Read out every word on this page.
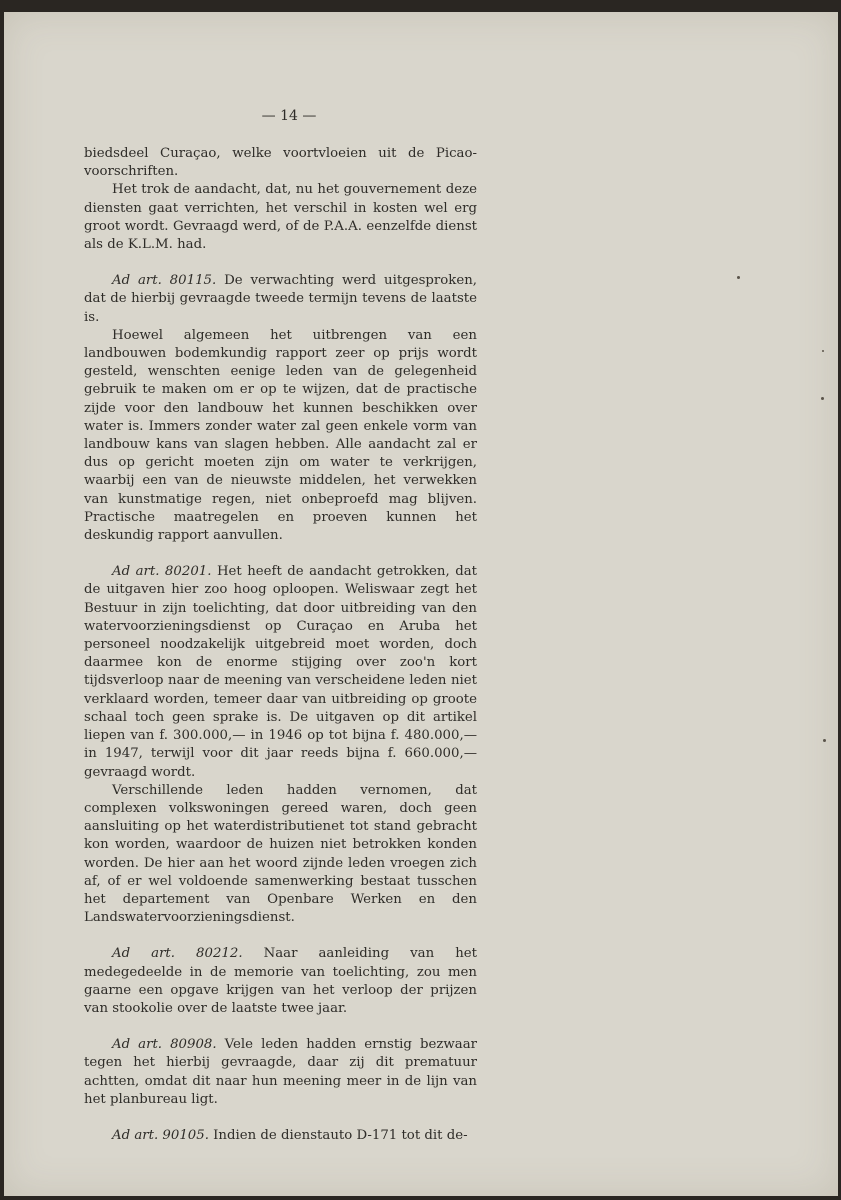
— 14 —

biedsdeel Curaçao, welke voortvloeien uit de Picao-voorschriften.

Het trok de aandacht, dat, nu het gouvernement deze diensten gaat verrichten, het verschil in kosten wel erg groot wordt. Gevraagd werd, of de P.A.A. eenzelfde dienst als de K.L.M. had.

Ad art. 80115. De verwachting werd uitgesproken, dat de hierbij gevraagde tweede termijn tevens de laatste is.

Hoewel algemeen het uitbrengen van een landbouwen bodemkundig rapport zeer op prijs wordt gesteld, wenschten eenige leden van de gelegenheid gebruik te maken om er op te wijzen, dat de practische zijde voor den landbouw het kunnen beschikken over water is. Immers zonder water zal geen enkele vorm van landbouw kans van slagen hebben. Alle aandacht zal er dus op gericht moeten zijn om water te verkrijgen, waarbij een van de nieuwste middelen, het verwekken van kunstmatige regen, niet onbeproefd mag blijven. Practische maatregelen en proeven kunnen het deskundig rapport aanvullen.

Ad art. 80201. Het heeft de aandacht getrokken, dat de uitgaven hier zoo hoog oploopen. Weliswaar zegt het Bestuur in zijn toelichting, dat door uitbreiding van den watervoorzieningsdienst op Curaçao en Aruba het personeel noodzakelijk uitgebreid moet worden, doch daarmee kon de enorme stijging over zoo'n kort tijdsverloop naar de meening van verscheidene leden niet verklaard worden, temeer daar van uitbreiding op groote schaal toch geen sprake is. De uitgaven op dit artikel liepen van f. 300.000,— in 1946 op tot bijna f. 480.000,— in 1947, terwijl voor dit jaar reeds bijna f. 660.000,— gevraagd wordt.

Verschillende leden hadden vernomen, dat complexen volkswoningen gereed waren, doch geen aansluiting op het waterdistributienet tot stand gebracht kon worden, waardoor de huizen niet betrokken konden worden. De hier aan het woord zijnde leden vroegen zich af, of er wel voldoende samenwerking bestaat tusschen het departement van Openbare Werken en den Landswatervoorzieningsdienst.

Ad art. 80212. Naar aanleiding van het medegedeelde in de memorie van toelichting, zou men gaarne een opgave krijgen van het verloop der prijzen van stookolie over de laatste twee jaar.

Ad art. 80908. Vele leden hadden ernstig bezwaar tegen het hierbij gevraagde, daar zij dit prematuur achtten, omdat dit naar hun meening meer in de lijn van het planbureau ligt.

Ad art. 90105. Indien de dienstauto D-171 tot dit de-
